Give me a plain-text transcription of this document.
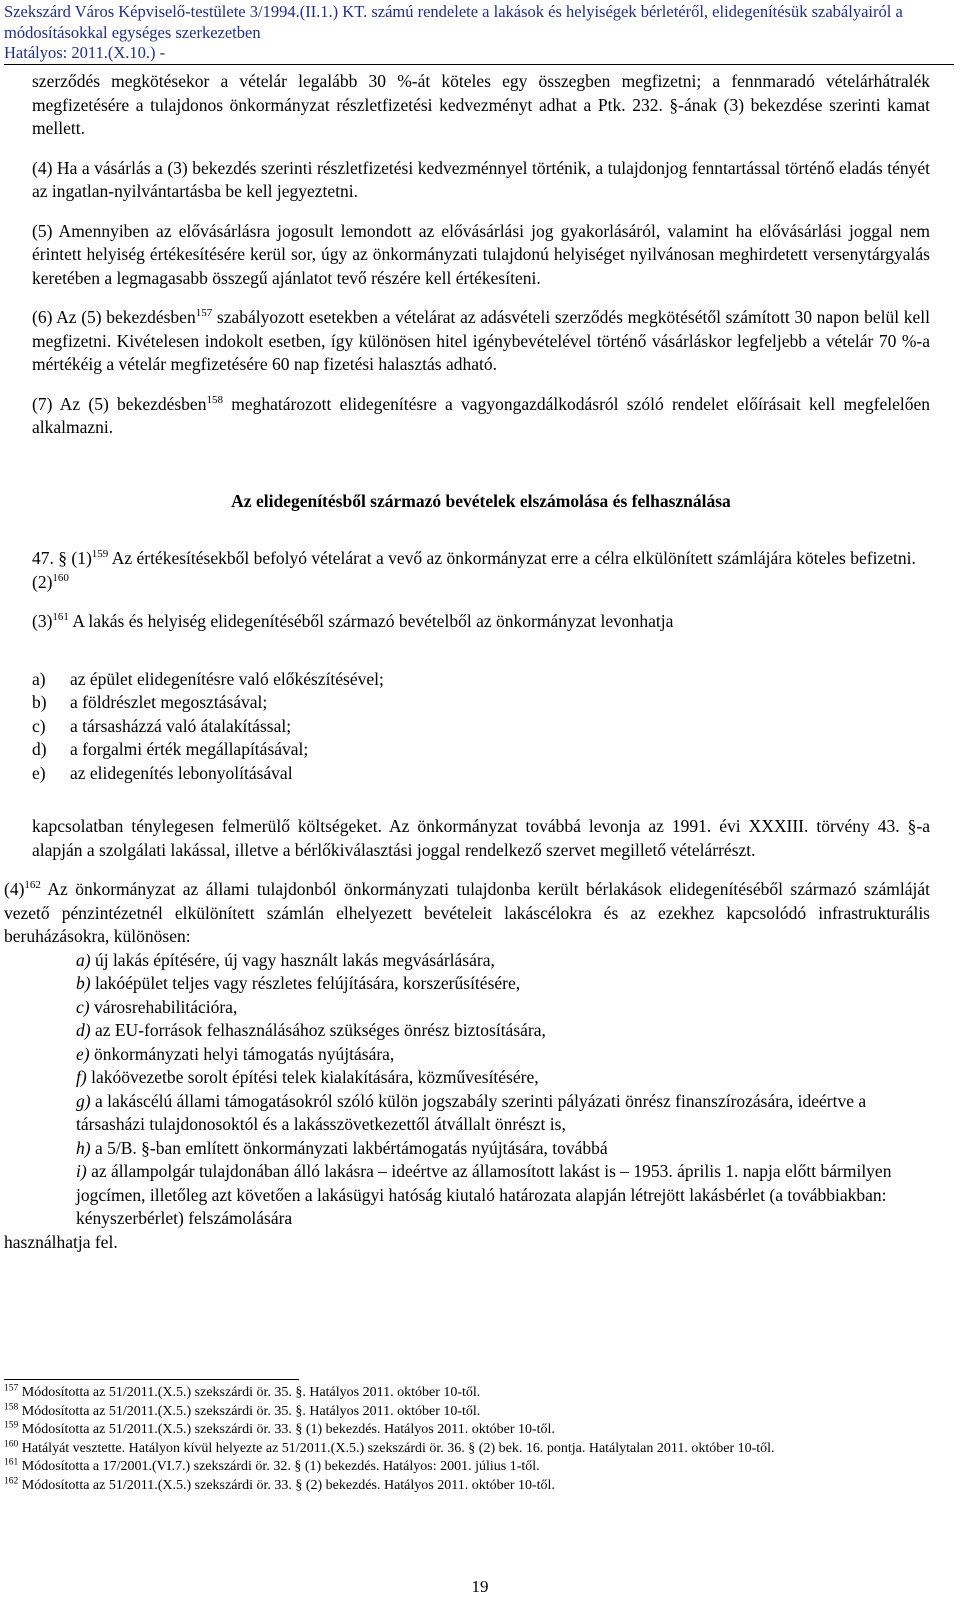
Szekszárd Város Képviselő-testülete 3/1994.(II.1.) KT. számú rendelete a lakások és helyiségek bérletéről, elidegenítésük szabályairól a
módosításokkal egységes szerkezetben
Hatályos: 2011.(X.10.) -

szerződés megkötésekor a vételár legalább 30 %-át köteles egy összegben megfizetni; a fennmaradó vételárhátralék megfizetésére a tulajdonos önkormányzat részletfizetési kedvezményt adhat a Ptk. 232. §-ának (3) bekezdése szerinti kamat mellett.

(4) Ha a vásárlás a (3) bekezdés szerinti részletfizetési kedvezménnyel történik, a tulajdonjog fenntartással történő eladás tényét az ingatlan-nyilvántartásba be kell jegyeztetni.

(5) Amennyiben az elővásárlásra jogosult lemondott az elővásárlási jog gyakorlásáról, valamint ha elővásárlási joggal nem érintett helyiség értékesítésére kerül sor, úgy az önkormányzati tulajdonú helyiséget nyilvánosan meghirdetett versenytárgyalás keretében a legmagasabb összegű ajánlatot tevő részére kell értékesíteni.

(6) Az (5) bekezdésben$^{157}$ szabályozott esetekben a vételárat az adásvételi szerződés megkötésétől számított 30 napon belül kell megfizetni. Kivételesen indokolt esetben, így különösen hitel igénybevételével történő vásárláskor legfeljebb a vételár 70 %-a mértékéig a vételár megfizetésére 60 nap fizetési halasztás adható.

(7) Az (5) bekezdésben$^{158}$ meghatározott elidegenítésre a vagyongazdálkodásról szóló rendelet előírásait kell megfelelően alkalmazni.

Az elidegenítésből származó bevételek elszámolása és felhasználása

47. § $(1)^{159}$ Az értékesítésekből befolyó vételárat a vevő az önkormányzat erre a célra elkülönített számlájára köteles befizetni.

$(2)^{160}$

$(3)^{161}$ A lakás és helyiség elidegenítéséből származó bevételből az önkormányzat levonhatja

a)	az épület elidegenítésre való előkészítésével;
b)	a földrészlet megosztásával;
c)	a társasházzá való átalakítással;
d)	a forgalmi érték megállapításával;
e)	az elidegenítés lebonyolításával

kapcsolatban ténylegesen felmerülő költségeket. Az önkormányzat továbbá levonja az 1991. évi XXXIII. törvény 43. §-a alapján a szolgálati lakással, illetve a bérlőkiválasztási joggal rendelkező szervet megillető vételárrészt.

$(4)^{162}$ Az önkormányzat az állami tulajdonból önkormányzati tulajdonba került bérlakások elidegenítéséből származó számláját vezető pénzintézetnél elkülönített számlán elhelyezett bevételeit lakáscélokra és az ezekhez kapcsolódó infrastrukturális beruházásokra, különösen:

a) új lakás építésére, új vagy használt lakás megvásárlására,
b) lakóépület teljes vagy részletes felújítására, korszerűsítésére,
c) városrehabilitációra,
d) az EU-források felhasználásához szükséges önrész biztosítására,
e) önkormányzati helyi támogatás nyújtására,
f) lakóövezetbe sorolt építési telek kialakítására, közművesítésére,
g) a lakáscélú állami támogatásokról szóló külön jogszabály szerinti pályázati önrész finanszírozására, ideértve a társasházi tulajdonosoktól és a lakásszövetkezettől átvállalt önrészt is,
h) a 5/B. §-ban említett önkormányzati lakbértámogatás nyújtására, továbbá
i) az állampolgár tulajdonában álló lakásra – ideértve az államosított lakást is – 1953. április 1. napja előtt bármilyen jogcímen, illetőleg azt követően a lakásügyi hatóság kiutaló határozata alapján létrejött lakásbérlet (a továbbiakban: kényszerbérlet) felszámolására

használhatja fel.

$^{157}$ Módosította az 51/2011.(X.5.) szekszárdi ör. 35. §. Hatályos 2011. október 10-től.
$^{158}$ Módosította az 51/2011.(X.5.) szekszárdi ör. 35. §. Hatályos 2011. október 10-től.
$^{159}$ Módosította az 51/2011.(X.5.) szekszárdi ör. 33. § (1) bekezdés. Hatályos 2011. október 10-től.
$^{160}$ Hatályát vesztette. Hatályon kívül helyezte az 51/2011.(X.5.) szekszárdi ör. 36. § (2) bek. 16. pontja. Hatálytalan 2011. október 10-től.
$^{161}$ Módosította a 17/2001.(VI.7.) szekszárdi ör. 32. § (1) bekezdés. Hatályos: 2001. július 1-től.
$^{162}$ Módosította az 51/2011.(X.5.) szekszárdi ör. 33. § (2) bekezdés. Hatályos 2011. október 10-től.
19
